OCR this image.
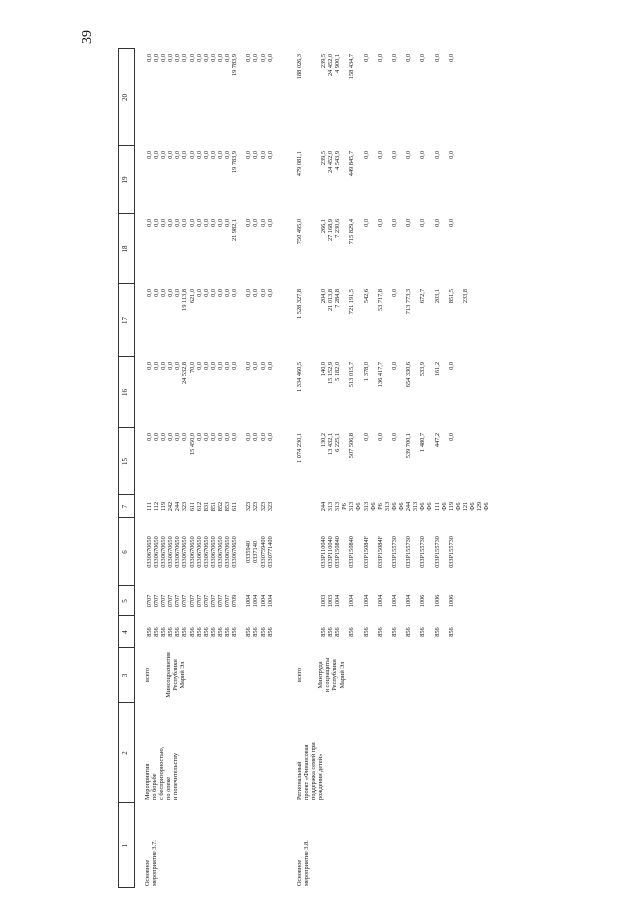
39
1
2
3
4
5
6
7
15
16
17
18
19
20
Основное
мероприятие 3.7.
Мероприятия
по борьбе
с беспризорностью,
по опеке
и попечительству
всего

Минсоцразвития
Республики
Марий Эл
856
856
856
856
856
856
856
856
856
856
856
856
856

856
856
856
856
0707
0707
0707
0707
0707
0707
0707
0707
0707
0707
0707
0707
0709

1004
1004
1004
1004
0330670650
0330670650
0330670650
0330670650
0330670650
0330670650
0330670650
0330670650
0330670650
0330670650
0330670650
0330670650
0330670650

0335940
0337140
0330759400
0330771400
111
112
119
242
244
323
611
612
831
851
852
853
611

323
323
323
323
0,0
0,0
0,0
0,0
0,0
0,0
15 450,0
0,0
0,0
0,0
0,0
0,0
0,0

0,0
0,0
0,0
0,0
0,0
0,0
0,0
0,0
0,0
24 532,8
70,0
0,0
0,0
0,0
0,0
0,0
0,0

0,0
0,0
0,0
0,0
0,0
0,0
0,0
0,0
0,0
19 113,8
621,0
0,0
0,0
0,0
0,0
0,0
0,0

0,0
0,0
0,0
0,0
0,0
0,0
0,0
0,0
0,0
0,0
0,0
0,0
0,0
0,0
0,0
0,0
21 982,1

0,0
0,0
0,0
0,0
0,0
0,0
0,0
0,0
0,0
0,0
0,0
0,0
0,0
0,0
0,0
0,0
19 783,9

0,0
0,0
0,0
0,0
0,0
0,0
0,0
0,0
0,0
0,0
0,0
0,0
0,0
0,0
0,0
0,0
19 783,9

0,0
0,0
0,0
0,0
Основное
мероприятие 3.8.
Региональный
проект «Финансовая
поддержка семей при
рождении детей»
всего

Минтруда
и соцзащиты
Республики
Марий Эл
1 074 230,1
1 334 460,5
1 528 327,8
750 495,0
479 081,1
188 026,3
856
856
856

856

856

856

856

856

856

856

856
1003
1003
1004

1004

1004

1004

1004

1004

1006

1006

1006
033P110040
033P110040
033P150840

033P150840

033P15084F

033P15084F

033P155730

033P155730

033P155730

033P155730

033P155730
244
313
313
P6
313
Ф6
313
Ф6
P6
313
Ф6
Ф6
244
313
Ф6
Ф6
111
Ф6
119
Ф6
121
Ф6
129
Ф6
130,2
13 432,1
6 225,1

507 506,8

0,0

0,0

0,0

539 700,1

1 480,7

447,2

0,0
140,0
15 152,9
5 182,0

513 015,7

1 378,0

136 417,7

0,0

654 330,6

533,9

161,2

0,0
204,0
21 013,8
7 284,8

721 191,5

542,6

53 717,8

0,0

713 773,3

672,7

203,1

851,5

233,8
266,1
27 168,9
7 230,6

715 829,4

0,0

0,0

0,0

0,0

0,0

0,0

0,0
239,5
24 452,0
4 543,9

449 845,7

0,0

0,0

0,0

0,0

0,0

0,0

0,0
239,5
24 452,0
4 900,1

158 434,7

0,0

0,0

0,0

0,0

0,0

0,0

0,0
